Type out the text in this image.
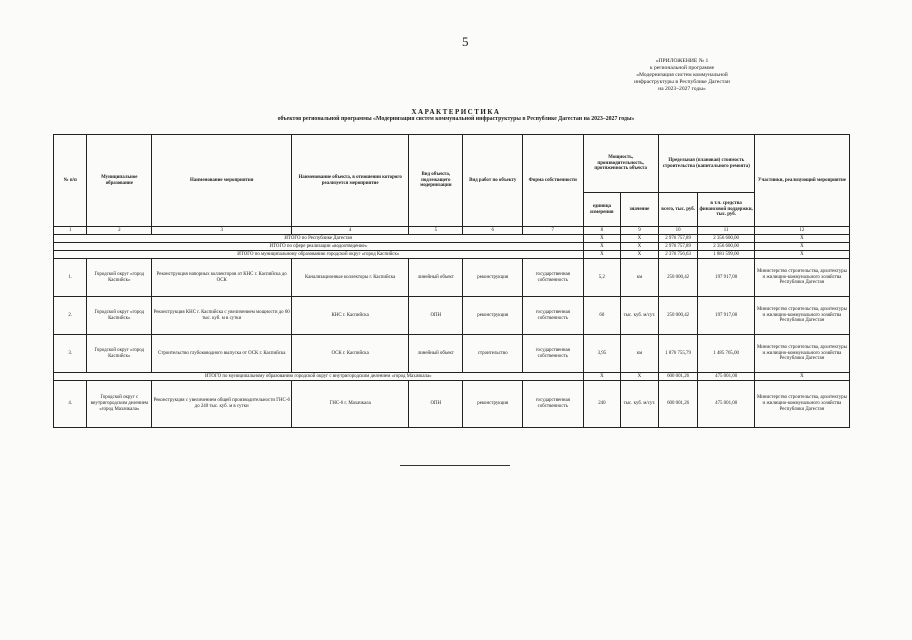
5
«ПРИЛОЖЕНИЕ № 1
к региональной программе
«Модернизация систем коммунальной
инфраструктуры в Республике Дагестан
на 2023–2027 годы»
ХАРАКТЕРИСТИКА
объектов региональной программы «Модернизация систем коммунальной инфраструктуры в Республике Дагестан на 2023–2027 годы»
№ п/п	Муниципальное образование	Наименование мероприятия	Наименование объекта, в отношении которого реализуется мероприятие	Вид объекта, подлежащего модернизации	Вид работ по объекту	Форма собственности	Мощность, производительность, протяженность объекта		Предельная (плановая) стоимость строительства (капитального ремонта)		Участники, реализующий мероприятие
							единица измерения	значение	всего, тыс. руб.	в т.ч. средства финансовой поддержки, тыс. руб.	
1	2	3	4	5	6	7	8	9	10	11	12
ИТОГО по Республике Дагестан							Х	Х	2 976 757,89	2 356 600,00	Х
ИТОГО по сфере реализации «водоотведение»							Х	Х	2 976 757,89	2 356 600,00	Х
ИТОГО по муниципальному образованию городской округ «город Каспийск»							Х	Х	2 376 756,63	1 881 599,00	Х
1.	Городской округ «город Каспийск»	Реконструкция напорных коллекторов от КНС г. Каспийска до ОСК	Канализационные коллекторы г. Каспийска	линейный объект	реконструкция	государственная собственность	5,2	км	250 000,42	197 917,00	Министерство строительства, архитектуры и жилищно-коммунального хозяйства Республики Дагестан
2.	Городской округ «город Каспийск»	Реконструкция КНС г. Каспийска с увеличением мощности до 60 тыс. куб. м в сутки	КНС г. Каспийска	ОПН	реконструкция	государственная собственность	60	тыс. куб. м/сут.	250 000,42	197 917,00	Министерство строительства, архитектуры и жилищно-коммунального хозяйства Республики Дагестан
3.	Городской округ «город Каспийск»	Строительство глубоководного выпуска от ОСК г. Каспийска	ОСК г. Каспийска	линейный объект	строительство	государственная собственность	3,95	км	1 876 755,79	1 485 765,00	Министерство строительства, архитектуры и жилищно-коммунального хозяйства Республики Дагестан
ИТОГО по муниципальному образованию городской округ с внутригородским делением «город Махачкала»							Х	Х	600 001,26	475 001,00	Х
4.	Городской округ с внутригородским делением «город Махачкала»	Реконструкция с увеличением общей производительности ГНС-6 до 240 тыс. куб. м в сутки	ГНС-6 г. Махачкала	ОПН	реконструкция	государственная собственность	240	тыс. куб. м/сут.	600 001,26	475 001,00	Министерство строительства, архитектуры и жилищно-коммунального хозяйства Республики Дагестан
